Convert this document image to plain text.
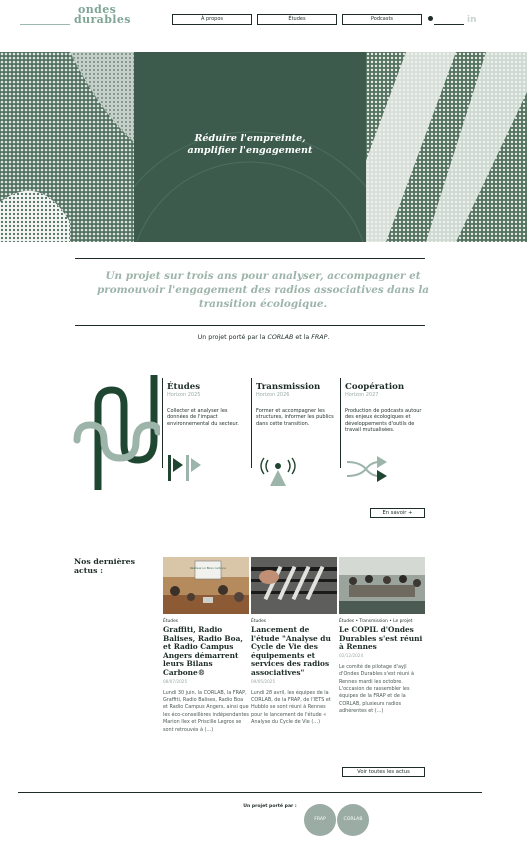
ondes
durables	À propos	Études	Podcasts	in
Réduire l'empreinte,
amplifier l'engagement
Un projet sur trois ans pour analyser, accompagner et promouvoir l'engagement des radios associatives dans la transition écologique.
Un projet porté par la CORLAB et la FRAP.
Études
Horizon 2025
Collecter et analyser les données de l'impact environnemental du secteur.
Transmission
Horizon 2026
Former et accompagner les structures, informer les publics dans cette transition.
Coopération
Horizon 2027
Production de podcasts autour des enjeux écologiques et développements d'outils de travail mutualisées.
En savoir +
Nos dernières actus :	Réalisez un Bilan carbone
Études
Graffiti, Radio Balises, Radio Boa, et Radio Campus Angers démarrent leurs Bilans Carbone®
08/07/2025
Lundi 30 juin, la CORLAB, la FRAP, Graffiti, Radio Balises, Radio Boa et Radio Campus Angers, ainsi que les éco-conseillères indépendantes Marion Ilex et Priscille Legros se sont retrouvés à (…)
Études
Lancement de l'étude "Analyse du Cycle de Vie des équipements et services des radios associatives"
09/05/2025
Lundi 28 avril, les équipes de la CORLAB, de la FRAP, de l'IETS et Hubblo se sont réuni à Rennes pour le lancement de l'étude « Analyse du Cycle de Vie (…)
Études • Transmission • Le projet
Le COPIL d'Ondes Durables s'est réuni à Rennes
02/12/2024
Le comité de pilotage d'ayjl d'Ondes Durables s'est réuni à Rennes mardi les octobre. L'occasion de rassembler les équipes de la FRAP et de la CORLAB, plusieurs radios adhérentes et (…)
Voir toutes les actus
Un projet porté par :
FRAP	CORLAB
